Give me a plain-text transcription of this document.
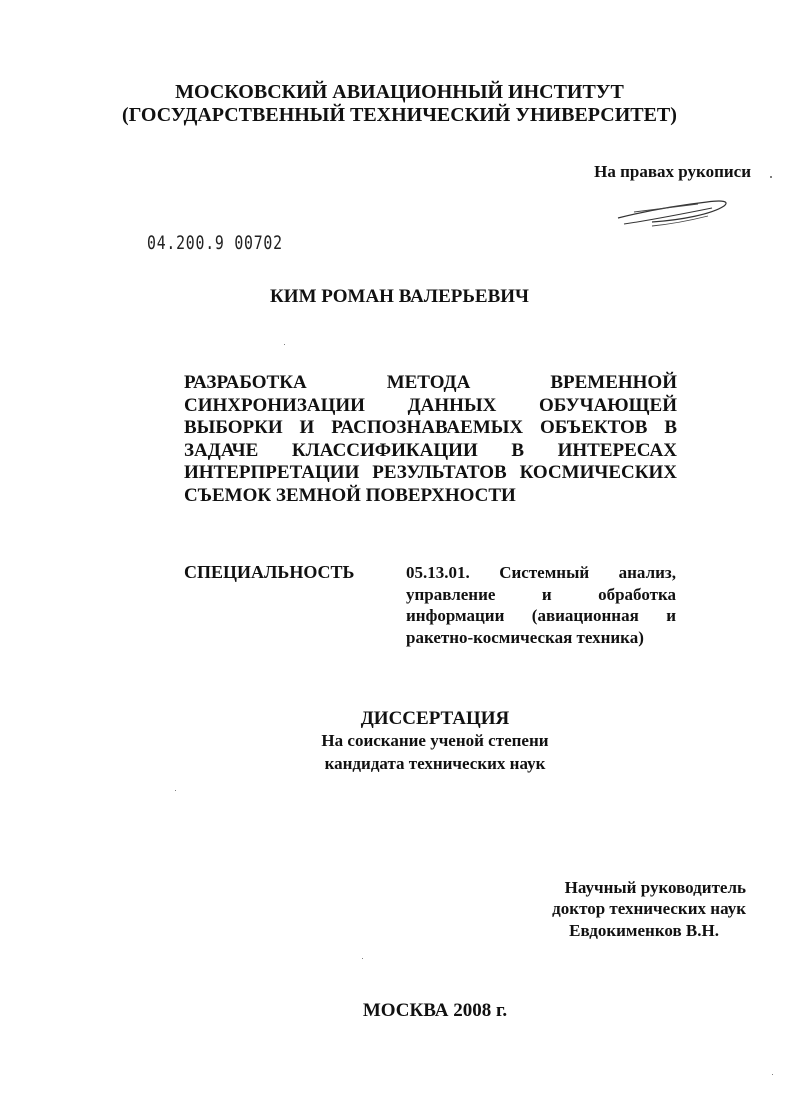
МОСКОВСКИЙ АВИАЦИОННЫЙ ИНСТИТУТ
(ГОСУДАРСТВЕННЫЙ ТЕХНИЧЕСКИЙ УНИВЕРСИТЕТ)
На правах рукописи
04.200.9 00702
КИМ РОМАН ВАЛЕРЬЕВИЧ
РАЗРАБОТКА МЕТОДА ВРЕМЕННОЙ
СИНХРОНИЗАЦИИ ДАННЫХ ОБУЧАЮЩЕЙ
ВЫБОРКИ И РАСПОЗНАВАЕМЫХ ОБЪЕКТОВ В
ЗАДАЧЕ КЛАССИФИКАЦИИ В ИНТЕРЕСАХ
ИНТЕРПРЕТАЦИИ РЕЗУЛЬТАТОВ КОСМИЧЕСКИХ
СЪЕМОК ЗЕМНОЙ ПОВЕРХНОСТИ
СПЕЦИАЛЬНОСТЬ	05.13.01. Системный анализ, управление и обработка информации (авиационная и ракетно-космическая техника)
ДИССЕРТАЦИЯ
На соискание ученой степени
кандидата технических наук
Научный руководитель
доктор технических наук
Евдокименков В.Н.
МОСКВА 2008 г.
